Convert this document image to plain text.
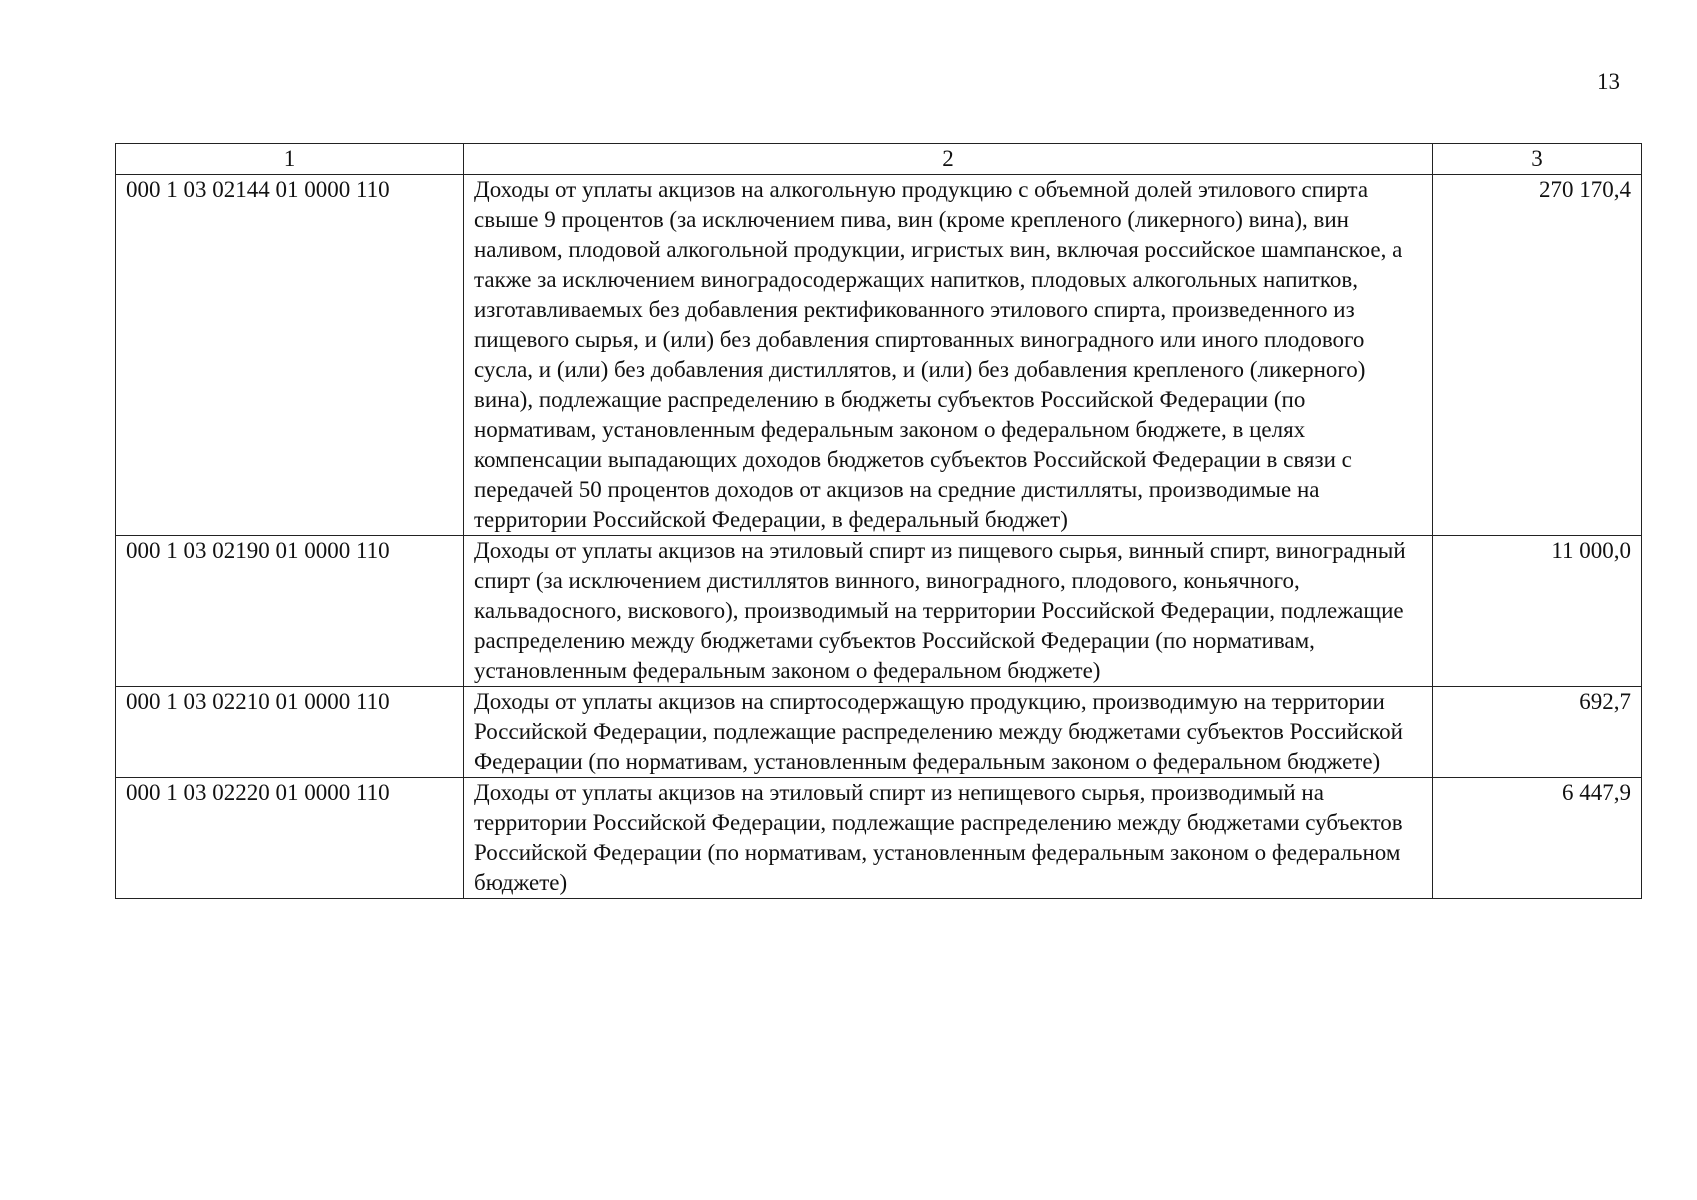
13
1	2	3
000 1 03 02144 01 0000 110	Доходы от уплаты акцизов на алкогольную продукцию с объемной долей этилового спирта свыше 9 процентов (за исключением пива, вин (кроме крепленого (ликерного) вина), вин наливом, плодовой алкогольной продукции, игристых вин, включая российское шампанское, а также за исключением виноградосодержащих напитков, плодовых алкогольных напитков, изготавливаемых без добавления ректификованного этилового спирта, произведенного из пищевого сырья, и (или) без добавления спиртованных виноградного или иного плодового сусла, и (или) без добавления дистиллятов, и (или) без добавления крепленого (ликерного) вина), подлежащие распределению в бюджеты субъектов Российской Федерации (по нормативам, установленным федеральным законом о федеральном бюджете, в целях компенсации выпадающих доходов бюджетов субъектов Российской Федерации в связи с передачей 50 процентов доходов от акцизов на средние дистилляты, производимые на территории Российской Федерации, в федеральный бюджет)	270 170,4
000 1 03 02190 01 0000 110	Доходы от уплаты акцизов на этиловый спирт из пищевого сырья, винный спирт, виноградный спирт (за исключением дистиллятов винного, виноградного, плодового, коньячного, кальвадосного, вискового), производимый на территории Российской Федерации, подлежащие распределению между бюджетами субъектов Российской Федерации (по нормативам, установленным федеральным законом о федеральном бюджете)	11 000,0
000 1 03 02210 01 0000 110	Доходы от уплаты акцизов на спиртосодержащую продукцию, производимую на территории Российской Федерации, подлежащие распределению между бюджетами субъектов Российской Федерации (по нормативам, установленным федеральным законом о федеральном бюджете)	692,7
000 1 03 02220 01 0000 110	Доходы от уплаты акцизов на этиловый спирт из непищевого сырья, производимый на территории Российской Федерации, подлежащие распределению между бюджетами субъектов Российской Федерации (по нормативам, установленным федеральным законом о федеральном бюджете)	6 447,9
